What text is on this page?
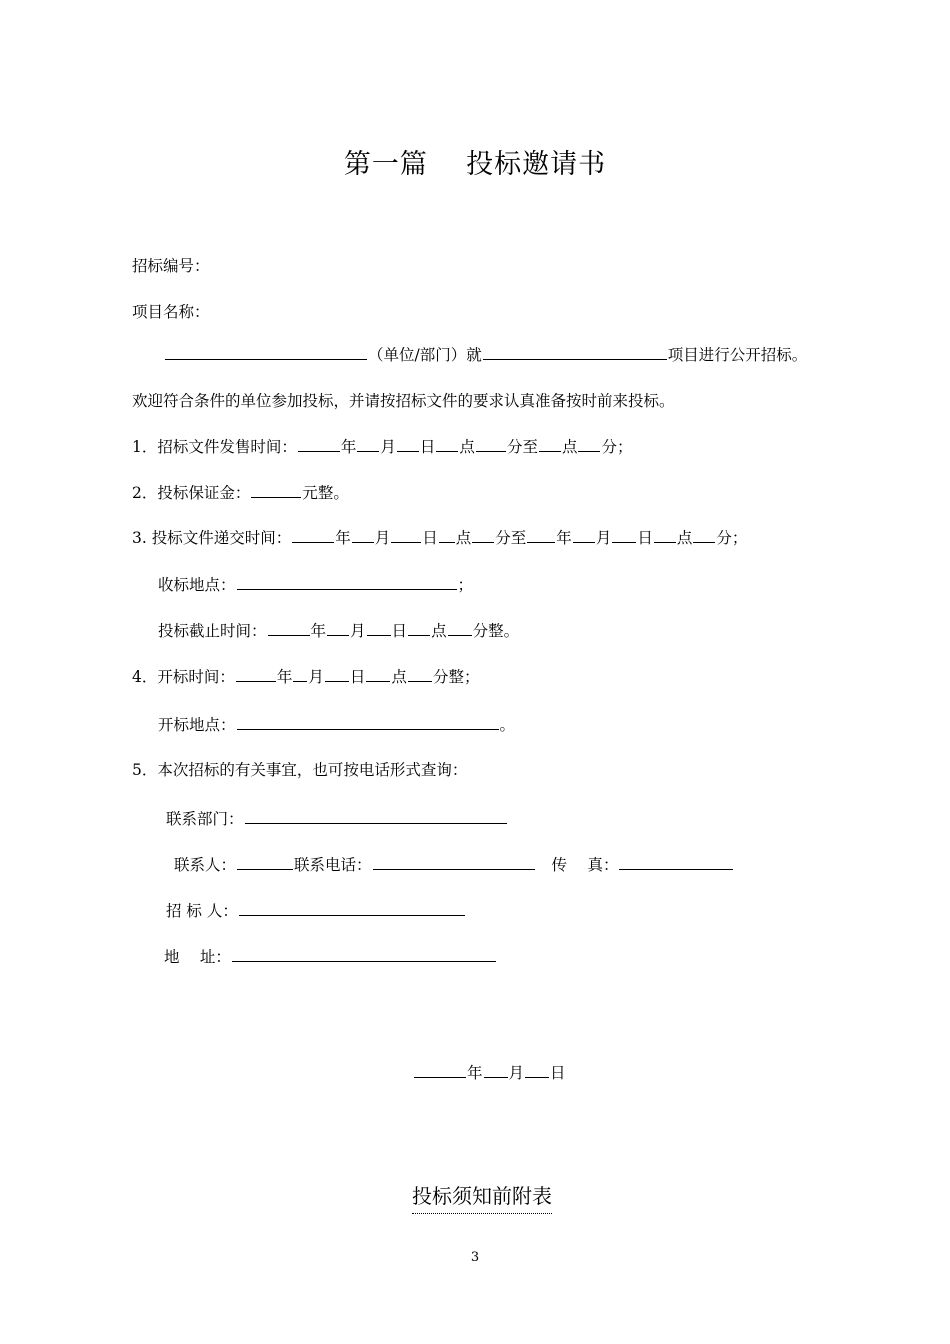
第一篇    投标邀请书
招标编号：
项目名称：
（单位/部门）就	项目进行公开招标。
欢迎符合条件的单位参加投标，并请按招标文件的要求认真准备按时前来投标。
1．招标文件发售时间：	年 月 日 点 分至 点 分；
2．投标保证金：	元整。
3. 投标文件递交时间：	年 月 日 点 分至 年 月 日 点 分；
收标地点：	；
投标截止时间：	年 月 日 点 分整。
4．开标时间：	年 月 日 点 分整；
开标地点：	。
5．本次招标的有关事宜，也可按电话形式查询：
联系部门：
联系人：	联系电话：	传　 真：
招 标 人：
地　 址：
年 月 日
投标须知前附表
3
